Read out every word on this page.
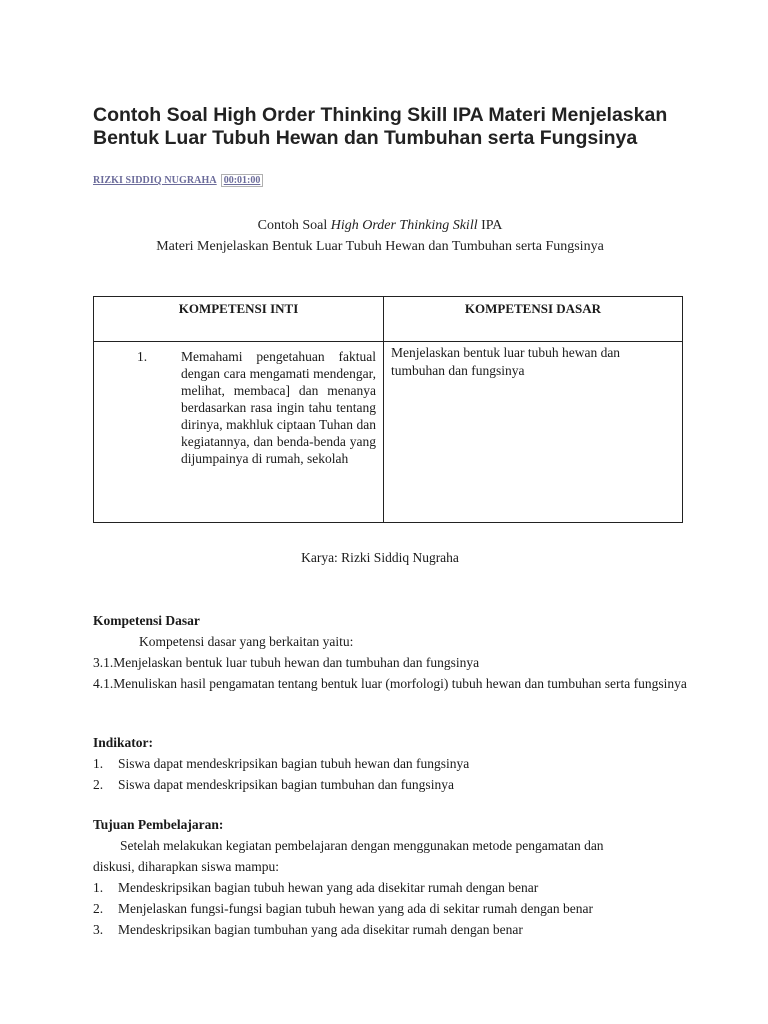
Contoh Soal High Order Thinking Skill IPA Materi Menjelaskan Bentuk Luar Tubuh Hewan dan Tumbuhan serta Fungsinya
RIZKI SIDDIQ NUGRAHA 00:01:00
Contoh Soal High Order Thinking Skill IPA
Materi Menjelaskan Bentuk Luar Tubuh Hewan dan Tumbuhan serta Fungsinya
KOMPETENSI INTI	KOMPETENSI DASAR
1.	Memahami pengetahuan faktual dengan cara mengamati mendengar, melihat, membaca] dan menanya berdasarkan rasa ingin tahu tentang dirinya, makhluk ciptaan Tuhan dan kegiatannya, dan benda-benda yang dijumpainya di rumah, sekolah
Menjelaskan bentuk luar tubuh hewan dan tumbuhan dan fungsinya
Karya: Rizki Siddiq Nugraha
Kompetensi Dasar
Kompetensi dasar yang berkaitan yaitu:
3.1.Menjelaskan bentuk luar tubuh hewan dan tumbuhan dan fungsinya
4.1.Menuliskan hasil pengamatan tentang bentuk luar (morfologi) tubuh hewan dan tumbuhan serta fungsinya
Indikator:
1. Siswa dapat mendeskripsikan bagian tubuh hewan dan fungsinya
2. Siswa dapat mendeskripsikan bagian tumbuhan dan fungsinya
Tujuan Pembelajaran:
Setelah melakukan kegiatan pembelajaran dengan menggunakan metode pengamatan dan
diskusi, diharapkan siswa mampu:
1. Mendeskripsikan bagian tubuh hewan yang ada disekitar rumah dengan benar
2. Menjelaskan fungsi-fungsi bagian tubuh hewan yang ada di sekitar rumah dengan benar
3. Mendeskripsikan bagian tumbuhan yang ada disekitar rumah dengan benar
